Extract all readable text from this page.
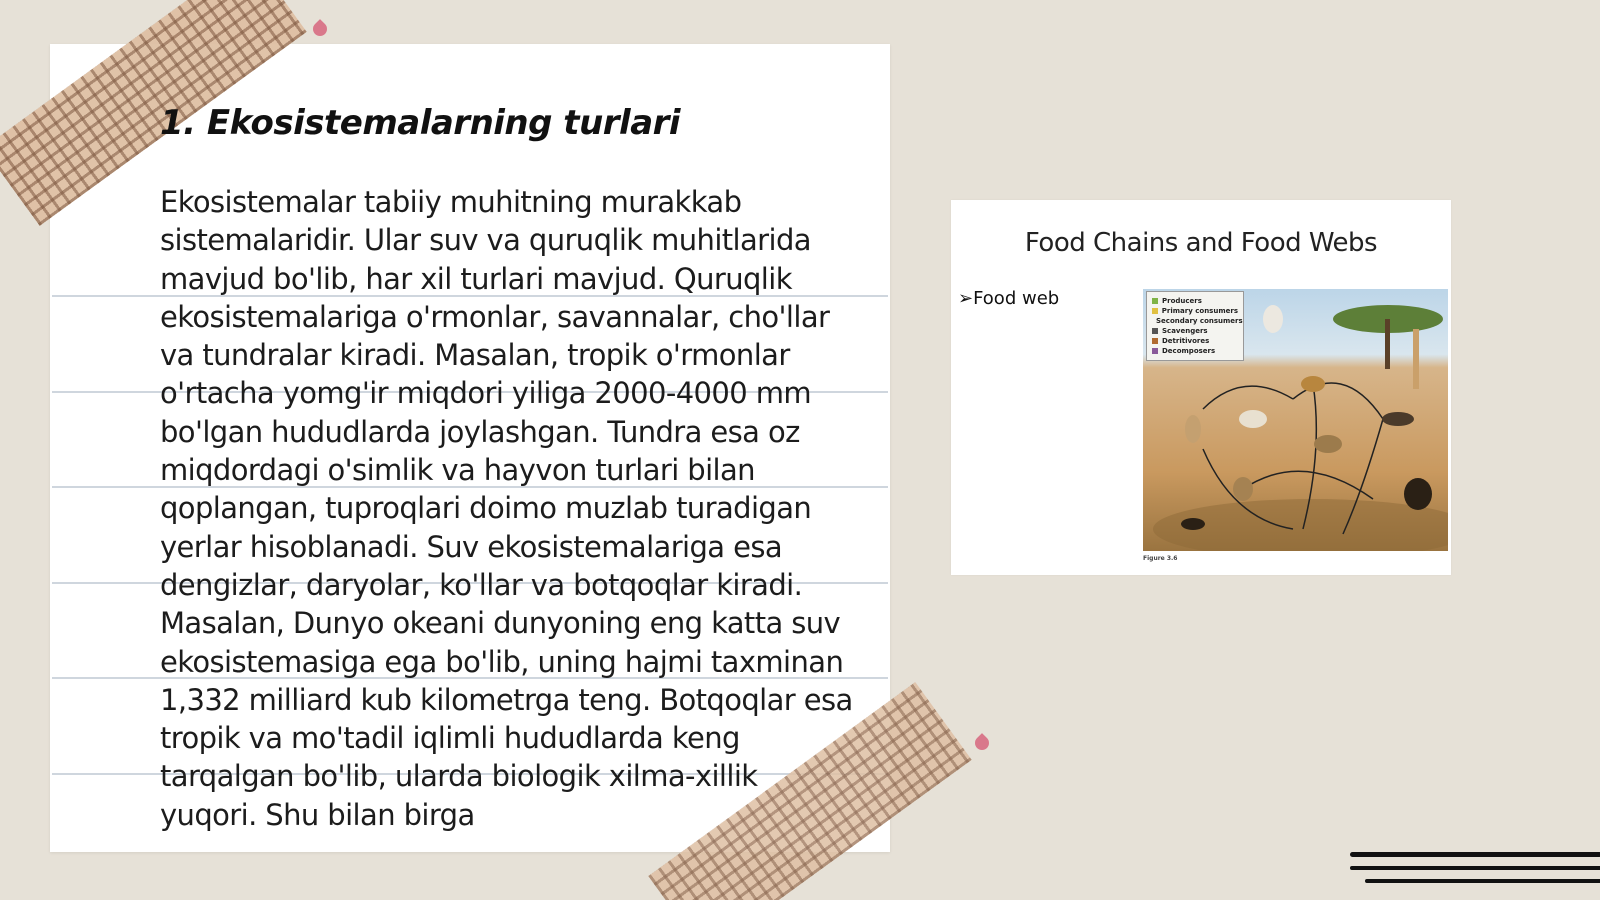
1. Ekosistemalarning turlari

Ekosistemalar tabiiy muhitning murakkab sistemalaridir. Ular suv va quruqlik muhitlarida mavjud bo'lib, har xil turlari mavjud. Quruqlik ekosistemalariga o'rmonlar, savannalar, cho'llar va tundralar kiradi. Masalan, tropik o'rmonlar o'rtacha yomg'ir miqdori yiliga 2000-4000 mm bo'lgan hududlarda joylashgan. Tundra esa oz miqdordagi o'simlik va hayvon turlari bilan qoplangan, tuproqlari doimo muzlab turadigan yerlar hisoblanadi. Suv ekosistemalariga esa dengizlar, daryolar, ko'llar va botqoqlar kiradi. Masalan, Dunyo okeani dunyoning eng katta suv ekosistemasiga ega bo'lib, uning hajmi taxminan 1,332 milliard kub kilometrga teng. Botqoqlar esa tropik va mo'tadil iqlimli hududlarda keng tarqalgan bo'lib, ularda biologik xilma-xillik yuqori. Shu bilan birga

Food Chains and Food Webs
➢Food web	Producers
Primary consumers
Secondary consumers
Scavengers
Detritivores
Decomposers
Figure 3.6
